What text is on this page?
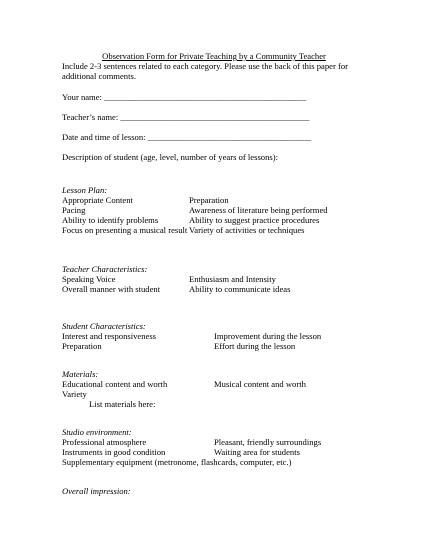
Observation Form for Private Teaching by a Community Teacher
Include 2-3 sentences related to each category. Please use the back of this paper for
additional comments.
Your name: _______________________________________________
Teacher’s name: ____________________________________________
Date and time of lesson: ______________________________________
Description of student (age, level, number of years of lessons):
Lesson Plan:
Appropriate Content
Pacing
Ability to identify problems
Focus on presenting a musical result
Preparation
Awareness of literature being performed
Ability to suggest practice procedures
Variety of activities or techniques
Teacher Characteristics:
Speaking Voice
Overall manner with student
Enthusiasm and Intensity
Ability to communicate ideas
Student Characteristics:
Interest and responsiveness
Preparation
Improvement during the lesson
Effort during the lesson
Materials:
Educational content and worth
Variety
Musical content and worth
List materials here:
Studio environment:
Professional atmosphere
Instruments in good condition
Pleasant, friendly surroundings
Waiting area for students
Supplementary equipment (metronome, flashcards, computer, etc.)
Overall impression:
